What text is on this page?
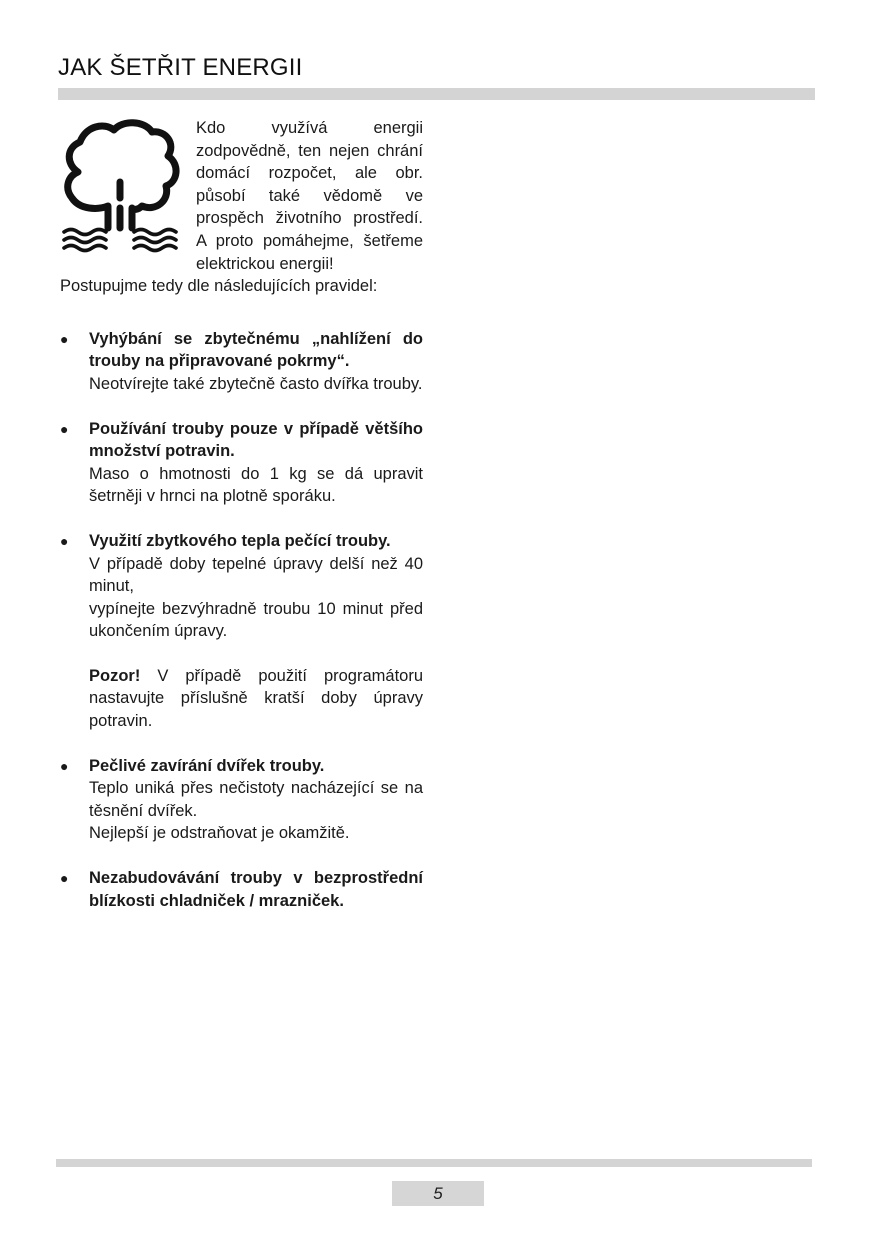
JAK ŠETŘIT ENERGII

Kdo využívá energii zodpovědně, ten nejen chrání domácí rozpočet, ale obr. působí také vědomě ve prospěch životního prostředí. A proto pomáhejme, šetřeme elektrickou energii!

Postupujme tedy dle následujících pravidel:

● Vyhýbání se zbytečnému „nahlížení do trouby na připravované pokrmy“.

Neotvírejte také zbytečně často dvířka trouby.

● Používání trouby pouze v případě většího množství potravin.

Maso o hmotnosti do 1 kg se dá upravit šetrněji v hrnci na plotně sporáku.

● Využití zbytkového tepla pečící trouby.

V případě doby tepelné úpravy delší než 40 minut,

vypínejte bezvýhradně troubu 10 minut před ukončením úpravy.

Pozor! V případě použití programátoru nastavujte příslušně kratší doby úpravy potravin.

● Pečlivé zavírání dvířek trouby.

Teplo uniká přes nečistoty nacházející se na těsnění dvířek.

Nejlepší je odstraňovat je okamžitě.

● Nezabudovávání trouby v bezprostřední blízkosti chladniček / mrazniček.

5
